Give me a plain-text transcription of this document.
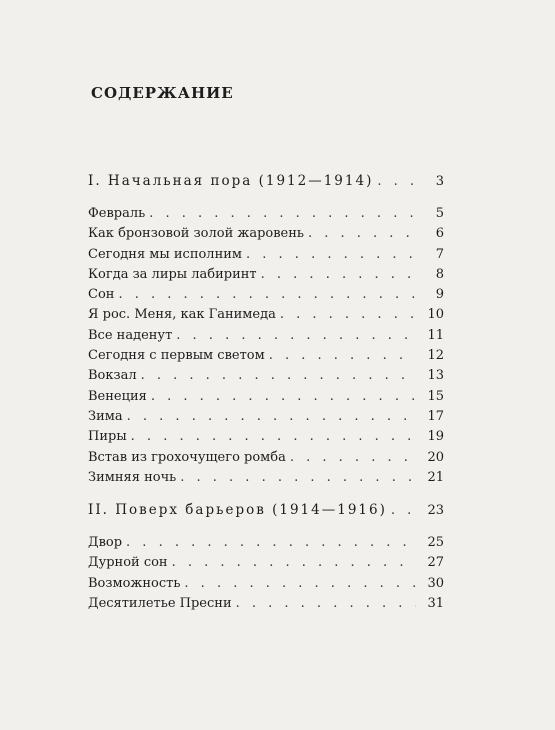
СОДЕРЖАНИЕ
I. Начальная пора (1912—1914) . . .	3
Февраль . . .	5
Как бронзовой золой жаровень . . .	6
Сегодня мы исполним . . .	7
Когда за лиры лабиринт . . .	8
Сон . . .	9
Я рос. Меня, как Ганимеда . . .	10
Все наденут . . .	11
Сегодня с первым светом . . .	12
Вокзал . . .	13
Венеция . . .	15
Зима . . .	17
Пиры . . .	19
Встав из грохочущего ромба . . .	20
Зимняя ночь . . .	21
II. Поверх барьеров (1914—1916) . . .	23
Двор . . .	25
Дурной сон . . .	27
Возможность . . .	30
Десятилетье Пресни . . .	31
